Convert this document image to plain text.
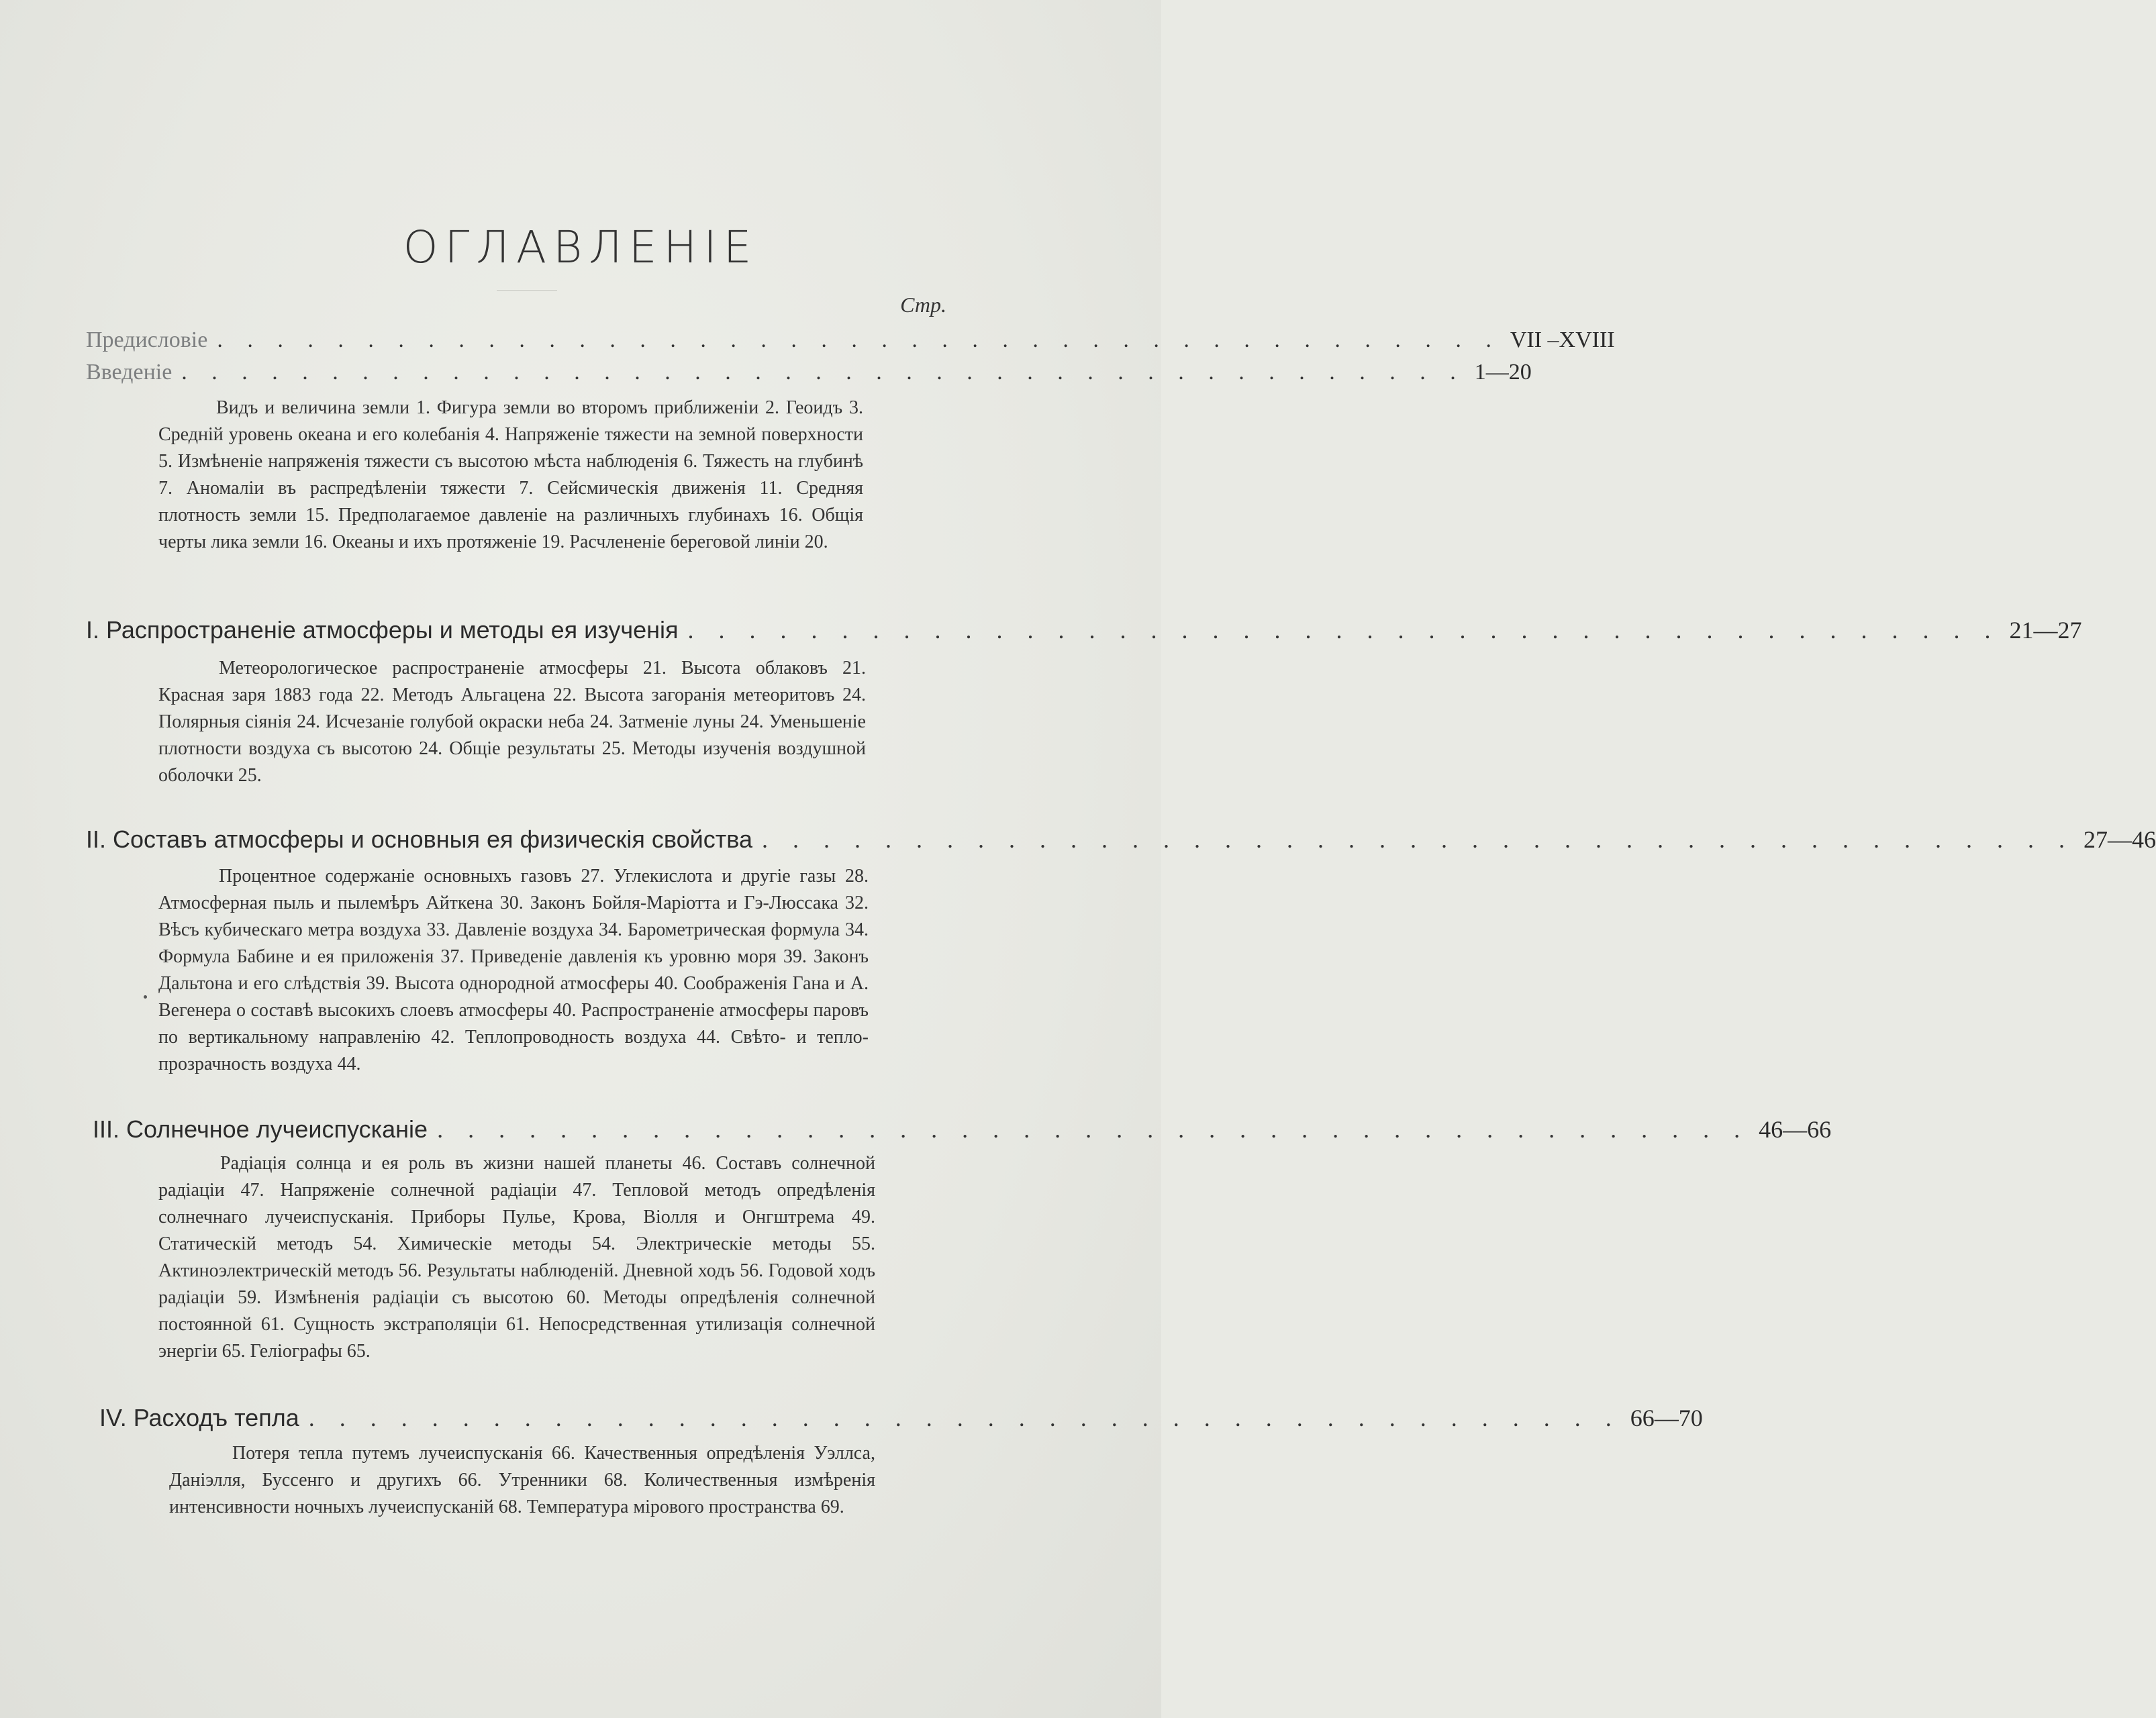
ОГЛАВЛЕНІЕ
Стр.
Предисловіе . . . . . . . . . . . . . . . . . . . . . . . . . . . . . . . . . . . . . . . . . . . VII –XVIII
Введеніе . . . . . . . . . . . . . . . . . . . . . . . . . . . . . . . . . . . . . . . . . . . 1—20

Видъ и величина земли 1. Фигура земли во второмъ приближеніи 2. Геоидъ 3. Средній уровень океана и его колебанія 4. Напряженіе тяжести на земной поверхности 5. Измѣненіе напряженія тяжести съ высотою мѣста наблюденія 6. Тяжесть на глубинѣ 7. Аномаліи въ распредѣленіи тяжести 7. Сейсмическія движенія 11. Средняя плотность земли 15. Предполагаемое давленіе на различныхъ глубинахъ 16. Общія черты лика земли 16. Океаны и ихъ протяженіе 19. Расчлененіе береговой линіи 20.

I. Распространеніе атмосферы и методы ея изученія . . . . . . . . . . . . . . . . . . . . . . . . . . . . . . . . . . . . . . . . . . . 21—27

Метеорологическое распространеніе атмосферы 21. Высота облаковъ 21. Красная заря 1883 года 22. Методъ Альгацена 22. Высота загоранія метеоритовъ 24. Полярныя сіянія 24. Исчезаніе голубой окраски неба 24. Затменіе луны 24. Уменьшеніе плотности воздуха съ высотою 24. Общіе результаты 25. Методы изученія воздушной оболочки 25.

II. Составъ атмосферы и основныя ея физическія свойства . . . . . . . . . . . . . . . . . . . . . . . . . . . . . . . . . . . . . . . . . . . 27—46

Процентное содержаніе основныхъ газовъ 27. Углекислота и другіе газы 28. Атмосферная пыль и пылемѣръ Айткена 30. Законъ Бойля-Маріотта и Гэ-Люссака 32. Вѣсъ кубическаго метра воздуха 33. Давленіе воздуха 34. Барометрическая формула 34. Формула Бабине и ея приложенія 37. Приведеніе давленія къ уровню моря 39. Законъ Дальтона и его слѣдствія 39. Высота однородной атмосферы 40. Соображенія Гана и А. Вегенера о составѣ высокихъ слоевъ атмосферы 40. Распространеніе атмосферы паровъ по вертикальному направленію 42. Теплопроводность воздуха 44. Свѣто- и тепло-прозрачность воздуха 44.

III. Солнечное лучеиспусканіе . . . . . . . . . . . . . . . . . . . . . . . . . . . . . . . . . . . . . . . . . . . 46—66

Радіація солнца и ея роль въ жизни нашей планеты 46. Составъ солнечной радіаціи 47. Напряженіе солнечной радіаціи 47. Тепловой методъ опредѣленія солнечнаго лучеиспусканія. Приборы Пулье, Крова, Віолля и Онгштрема 49. Статическій методъ 54. Химическіе методы 54. Электрическіе методы 55. Актиноэлектрическій методъ 56. Результаты наблюденій. Дневной ходъ 56. Годовой ходъ радіаціи 59. Измѣненія радіаціи съ высотою 60. Методы опредѣленія солнечной постоянной 61. Сущность экстраполяціи 61. Непосредственная утилизація солнечной энергіи 65. Геліографы 65.

IV. Расходъ тепла . . . . . . . . . . . . . . . . . . . . . . . . . . . . . . . . . . . . . . . . . . . 66—70

Потеря тепла путемъ лучеиспусканія 66. Качественныя опредѣленія Уэллса, Даніэлля, Буссенго и другихъ 66. Утренники 68. Количественныя измѣренія интенсивности ночныхъ лучеиспусканій 68. Температура мірового пространства 69.
